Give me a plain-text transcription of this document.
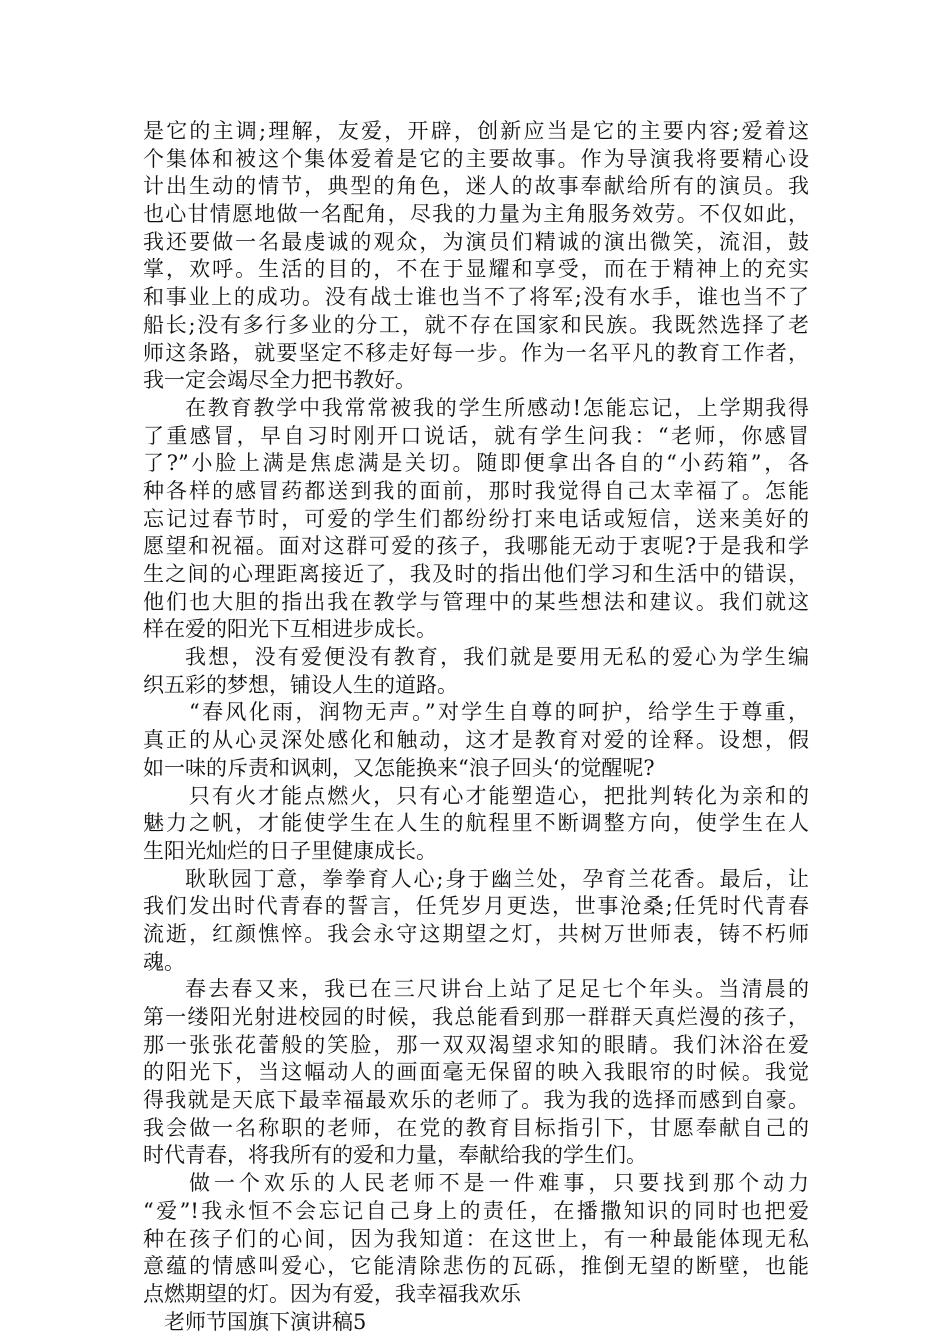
是它的主调;理解，友爱，开辟，创新应当是它的主要内容;爱着这
个集体和被这个集体爱着是它的主要故事。作为导演我将要精心设
计出生动的情节，典型的角色，迷人的故事奉献给所有的演员。我
也心甘情愿地做一名配角，尽我的力量为主角服务效劳。不仅如此，
我还要做一名最虔诚的观众，为演员们精诚的演出微笑，流泪，鼓
掌，欢呼。生活的目的，不在于显耀和享受，而在于精神上的充实
和事业上的成功。没有战士谁也当不了将军;没有水手，谁也当不了
船长;没有多行多业的分工，就不存在国家和民族。我既然选择了老
师这条路，就要坚定不移走好每一步。作为一名平凡的教育工作者，
我一定会竭尽全力把书教好。
在教育教学中我常常被我的学生所感动!怎能忘记，上学期我得
了重感冒，早自习时刚开口说话，就有学生问我：“老师，你感冒
了?”小脸上满是焦虑满是关切。随即便拿出各自的“小药箱”，各
种各样的感冒药都送到我的面前，那时我觉得自己太幸福了。怎能
忘记过春节时，可爱的学生们都纷纷打来电话或短信，送来美好的
愿望和祝福。面对这群可爱的孩子，我哪能无动于衷呢?于是我和学
生之间的心理距离接近了，我及时的指出他们学习和生活中的错误，
他们也大胆的指出我在教学与管理中的某些想法和建议。我们就这
样在爱的阳光下互相进步成长。
我想，没有爱便没有教育，我们就是要用无私的爱心为学生编
织五彩的梦想，铺设人生的道路。
“春风化雨，润物无声。”对学生自尊的呵护，给学生于尊重，
真正的从心灵深处感化和触动，这才是教育对爱的诠释。设想，假
如一味的斥责和讽刺，又怎能换来“浪子回头‘的觉醒呢?
只有火才能点燃火，只有心才能塑造心，把批判转化为亲和的
魅力之帆，才能使学生在人生的航程里不断调整方向，使学生在人
生阳光灿烂的日子里健康成长。
耿耿园丁意，拳拳育人心;身于幽兰处，孕育兰花香。最后，让
我们发出时代青春的誓言，任凭岁月更迭，世事沧桑;任凭时代青春
流逝，红颜憔悴。我会永守这期望之灯，共树万世师表，铸不朽师
魂。
春去春又来，我已在三尺讲台上站了足足七个年头。当清晨的
第一缕阳光射进校园的时候，我总能看到那一群群天真烂漫的孩子，
那一张张花蕾般的笑脸，那一双双渴望求知的眼睛。我们沐浴在爱
的阳光下，当这幅动人的画面毫无保留的映入我眼帘的时候。我觉
得我就是天底下最幸福最欢乐的老师了。我为我的选择而感到自豪。
我会做一名称职的老师，在党的教育目标指引下，甘愿奉献自己的
时代青春，将我所有的爱和力量，奉献给我的学生们。
做一个欢乐的人民老师不是一件难事，只要找到那个动力
“爱”!我永恒不会忘记自己身上的责任，在播撒知识的同时也把爱
种在孩子们的心间，因为我知道：在这世上，有一种最能体现无私
意蕴的情感叫爱心，它能清除悲伤的瓦砾，推倒无望的断壁，也能
点燃期望的灯。因为有爱，我幸福我欢乐
老师节国旗下演讲稿5
